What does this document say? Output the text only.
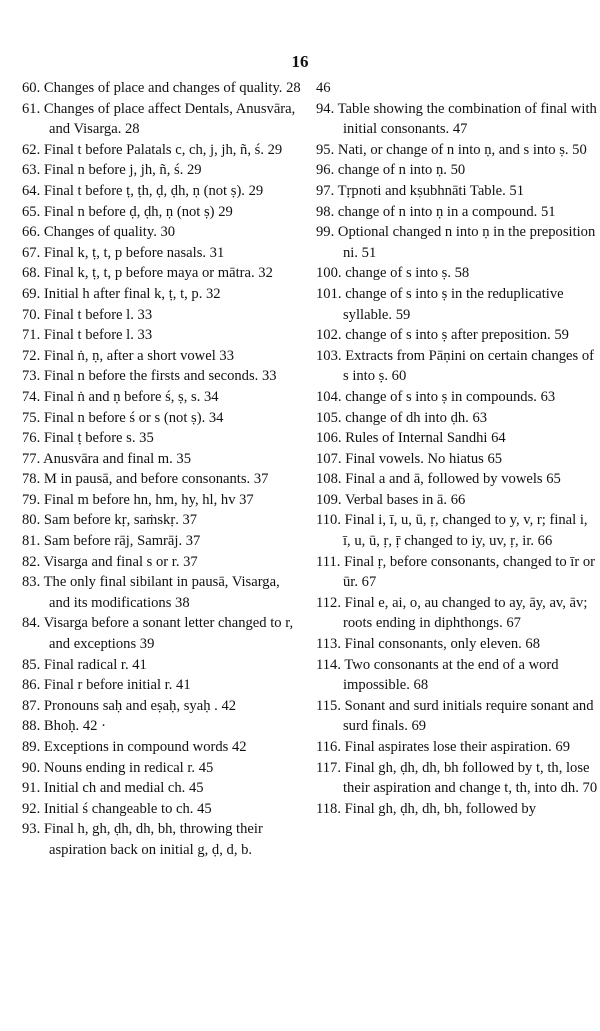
16
60. Changes of place and changes of quality. 28
61. Changes of place affect Dentals, Anusvāra, and Visarga. 28
62. Final t before Palatals c, ch, j, jh, ñ, ś. 29
63. Final n before j, jh, ñ, ś. 29
64. Final t before ṭ, ṭh, ḍ, ḍh, ṇ (not ṣ). 29
65. Final n before ḍ, ḍh, ṇ (not ṣ) 29
66. Changes of quality. 30
67. Final k, ṭ, t, p before nasals. 31
68. Final k, ṭ, t, p before maya or mātra. 32
69. Initial h after final k, ṭ, t, p. 32
70. Final t before l. 33
71. Final t before l. 33
72. Final ṅ, ṇ, after a short vowel 33
73. Final n before the firsts and seconds. 33
74. Final ṅ and ṇ before ś, ṣ, s. 34
75. Final n before ś or s (not ṣ). 34
76. Final ṭ before s. 35
77. Anusvāra and final m. 35
78. M in pausā, and before consonants. 37
79. Final m before hn, hm, hy, hl, hv 37
80. Sam before kṛ, saṁskṛ. 37
81. Sam before rāj, Samrāj. 37
82. Visarga and final s or r. 37
83. The only final sibilant in pausā, Visarga, and its modifications 38
84. Visarga before a sonant letter changed to r, and exceptions 39
85. Final radical r. 41
86. Final r before initial r. 41
87. Pronouns saḥ and eṣaḥ, syaḥ . 42
88. Bhoḥ. 42 ·
89. Exceptions in compound words 42
90. Nouns ending in redical r. 45
91. Initial ch and medial ch. 45
92. Initial ś changeable to ch. 45
93. Final h, gh, ḍh, dh, bh, throwing their aspiration back on initial g, ḍ, d, b.
46
94. Table showing the combination of final with initial consonants. 47
95. Nati, or change of n into ṇ, and s into ṣ. 50
96. change of n into ṇ. 50
97. Tṛpnoti and kṣubhnāti Table. 51
98. change of n into ṇ in a compound. 51
99. Optional changed n into ṇ in the preposition ni. 51
100. change of s into ṣ. 58
101. change of s into ṣ in the reduplicative syllable. 59
102. change of s into ṣ after preposition. 59
103. Extracts from Pāṇini on certain changes of s into ṣ. 60
104. change of s into ṣ in compounds. 63
105. change of dh into ḍh. 63
106. Rules of Internal Sandhi 64
107. Final vowels. No hiatus 65
108. Final a and ā, followed by vowels 65
109. Verbal bases in ā. 66
110. Final i, ī, u, ū, ṛ, changed to y, v, r; final i, ī, u, ū, ṛ, ṝ changed to iy, uv, ṛ, ir. 66
111. Final ṛ, before consonants, changed to īr or ūr. 67
112. Final e, ai, o, au changed to ay, āy, av, āv; roots ending in diphthongs. 67
113. Final consonants, only eleven. 68
114. Two consonants at the end of a word impossible. 68
115. Sonant and surd initials require sonant and surd finals. 69
116. Final aspirates lose their aspiration. 69
117. Final gh, ḍh, dh, bh followed by t, th, lose their aspiration and change t, th, into dh. 70
118. Final gh, ḍh, dh, bh, followed by
